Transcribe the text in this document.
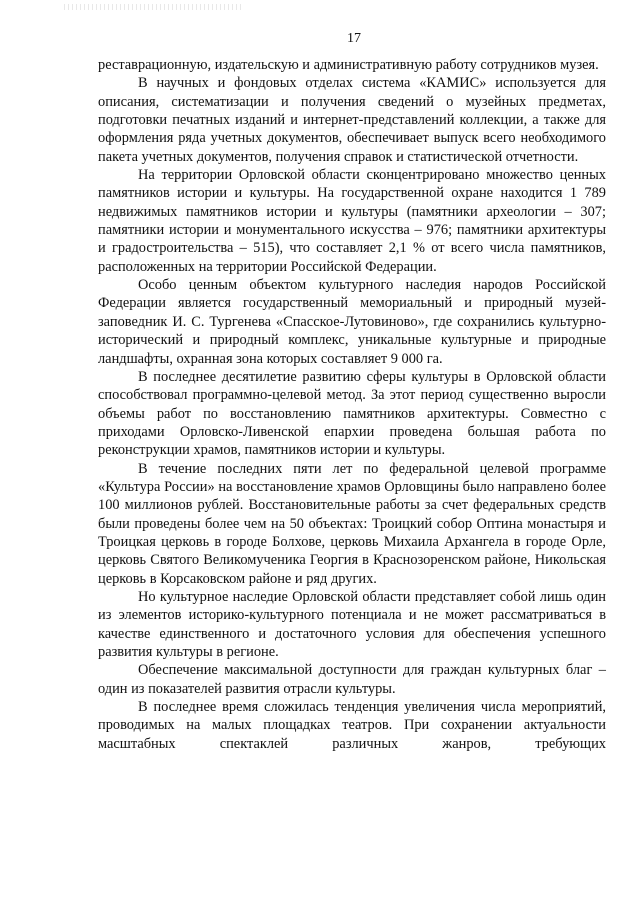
17

реставрационную, издательскую и административную работу сотрудников музея.

В научных и фондовых отделах система «КАМИС» используется для описания, систематизации и получения сведений о музейных предметах, подготовки печатных изданий и интернет-представлений коллекции, а также для оформления ряда учетных документов, обеспечивает выпуск всего необходимого пакета учетных документов, получения справок и статистической отчетности.

На территории Орловской области сконцентрировано множество ценных памятников истории и культуры. На государственной охране находится 1 789 недвижимых памятников истории и культуры (памятники археологии – 307; памятники истории и монументального искусства – 976; памятники архитектуры и градостроительства – 515), что составляет 2,1 % от всего числа памятников, расположенных на территории Российской Федерации.

Особо ценным объектом культурного наследия народов Российской Федерации является государственный мемориальный и природный музей-заповедник И. С. Тургенева «Спасское-Лутовиново», где сохранились культурно-исторический и природный комплекс, уникальные культурные и природные ландшафты, охранная зона которых составляет 9 000 га.

В последнее десятилетие развитию сферы культуры в Орловской области способствовал программно-целевой метод. За этот период существенно выросли объемы работ по восстановлению памятников архитектуры. Совместно с приходами Орловско-Ливенской епархии проведена большая работа по реконструкции храмов, памятников истории и культуры.

В течение последних пяти лет по федеральной целевой программе «Культура России» на восстановление храмов Орловщины было направлено более 100 миллионов рублей. Восстановительные работы за счет федеральных средств были проведены более чем на 50 объектах: Троицкий собор Оптина монастыря и Троицкая церковь в городе Болхове, церковь Михаила Архангела в городе Орле, церковь Святого Великомученика Георгия в Краснозоренском районе, Никольская церковь в Корсаковском районе и ряд других.

Но культурное наследие Орловской области представляет собой лишь один из элементов историко-культурного потенциала и не может рассматриваться в качестве единственного и достаточного условия для обеспечения успешного развития культуры в регионе.

Обеспечение максимальной доступности для граждан культурных благ – один из показателей развития отрасли культуры.

В последнее время сложилась тенденция увеличения числа мероприятий, проводимых на малых площадках театров. При сохранении актуальности масштабных спектаклей различных жанров, требующих
